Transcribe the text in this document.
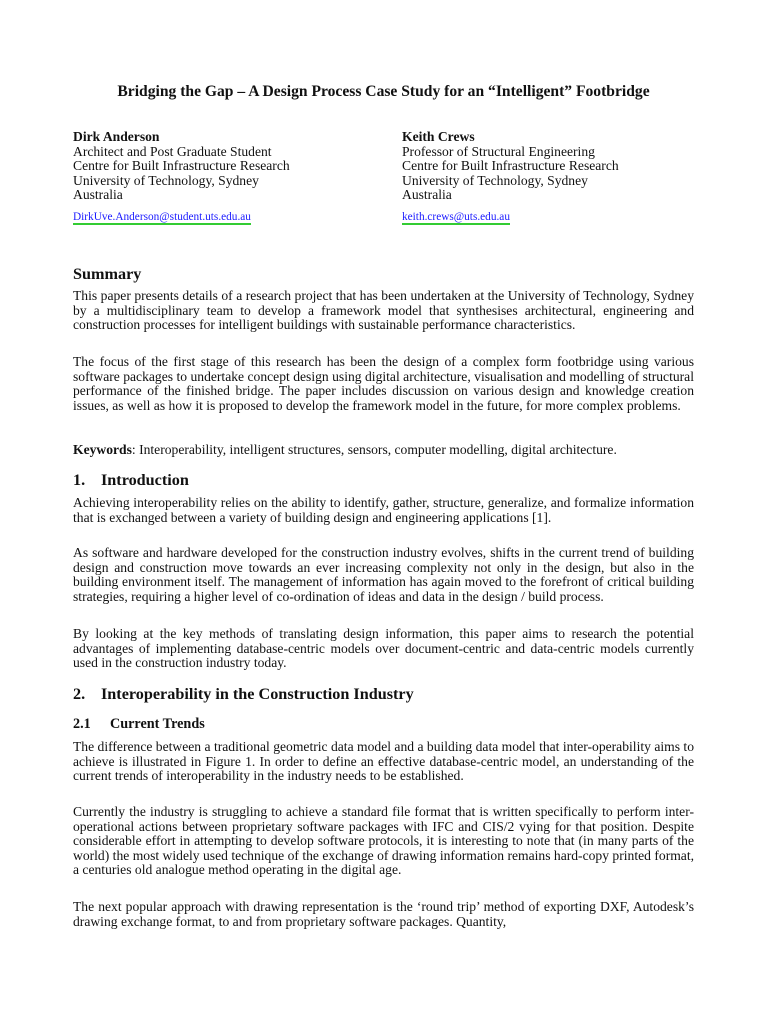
Bridging the Gap – A Design Process Case Study for an “Intelligent” Footbridge
Dirk Anderson
Architect and Post Graduate Student
Centre for Built Infrastructure Research
University of Technology, Sydney
Australia
DirkUve.Anderson@student.uts.edu.au
Keith Crews
Professor of Structural Engineering
Centre for Built Infrastructure Research
University of Technology, Sydney
Australia
keith.crews@uts.edu.au
Summary

This paper presents details of a research project that has been undertaken at the University of Technology, Sydney by a multidisciplinary team to develop a framework model that synthesises architectural, engineering and construction processes for intelligent buildings with sustainable performance characteristics.

The focus of the first stage of this research has been the design of a complex form footbridge using various software packages to undertake concept design using digital architecture, visualisation and modelling of structural performance of the finished bridge. The paper includes discussion on various design and knowledge creation issues, as well as how it is proposed to develop the framework model in the future, for more complex problems.

Keywords: Interoperability, intelligent structures, sensors, computer modelling, digital architecture.

1. Introduction

Achieving interoperability relies on the ability to identify, gather, structure, generalize, and formalize information that is exchanged between a variety of building design and engineering applications [1].

As software and hardware developed for the construction industry evolves, shifts in the current trend of building design and construction move towards an ever increasing complexity not only in the design, but also in the building environment itself. The management of information has again moved to the forefront of critical building strategies, requiring a higher level of co-ordination of ideas and data in the design / build process.

By looking at the key methods of translating design information, this paper aims to research the potential advantages of implementing database-centric models over document-centric and data-centric models currently used in the construction industry today.

2. Interoperability in the Construction Industry
2.1 Current Trends

The difference between a traditional geometric data model and a building data model that inter-operability aims to achieve is illustrated in Figure 1. In order to define an effective database-centric model, an understanding of the current trends of interoperability in the industry needs to be established.

Currently the industry is struggling to achieve a standard file format that is written specifically to perform inter-operational actions between proprietary software packages with IFC and CIS/2 vying for that position. Despite considerable effort in attempting to develop software protocols, it is interesting to note that (in many parts of the world) the most widely used technique of the exchange of drawing information remains hard-copy printed format, a centuries old analogue method operating in the digital age.

The next popular approach with drawing representation is the ‘round trip’ method of exporting DXF, Autodesk’s drawing exchange format, to and from proprietary software packages. Quantity,
